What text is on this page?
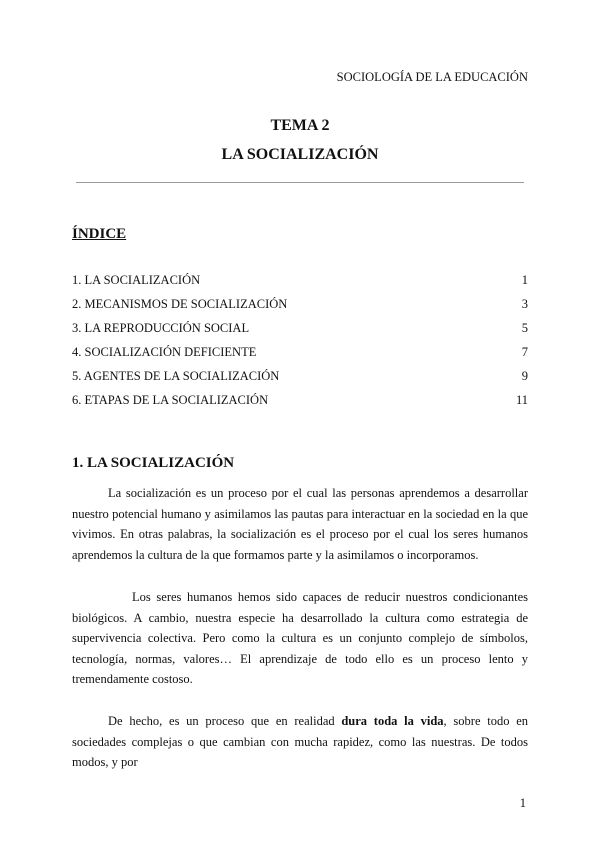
SOCIOLOGÍA DE LA EDUCACIÓN
TEMA 2
LA SOCIALIZACIÓN
ÍNDICE
1. LA SOCIALIZACIÓN	1
2. MECANISMOS DE SOCIALIZACIÓN	3
3. LA REPRODUCCIÓN SOCIAL	5
4. SOCIALIZACIÓN DEFICIENTE	7
5. AGENTES DE LA SOCIALIZACIÓN	9
6. ETAPAS DE LA SOCIALIZACIÓN	11
1. LA SOCIALIZACIÓN

La socialización es un proceso por el cual las personas aprendemos a desarrollar nuestro potencial humano y asimilamos las pautas para interactuar en la sociedad en la que vivimos. En otras palabras, la socialización es el proceso por el cual los seres humanos aprendemos la cultura de la que formamos parte y la asimilamos o incorporamos.

Los seres humanos hemos sido capaces de reducir nuestros condicionantes biológicos. A cambio, nuestra especie ha desarrollado la cultura como estrategia de supervivencia colectiva. Pero como la cultura es un conjunto complejo de símbolos, tecnología, normas, valores… El aprendizaje de todo ello es un proceso lento y tremendamente costoso.

De hecho, es un proceso que en realidad dura toda la vida, sobre todo en sociedades complejas o que cambian con mucha rapidez, como las nuestras. De todos modos, y por

1
